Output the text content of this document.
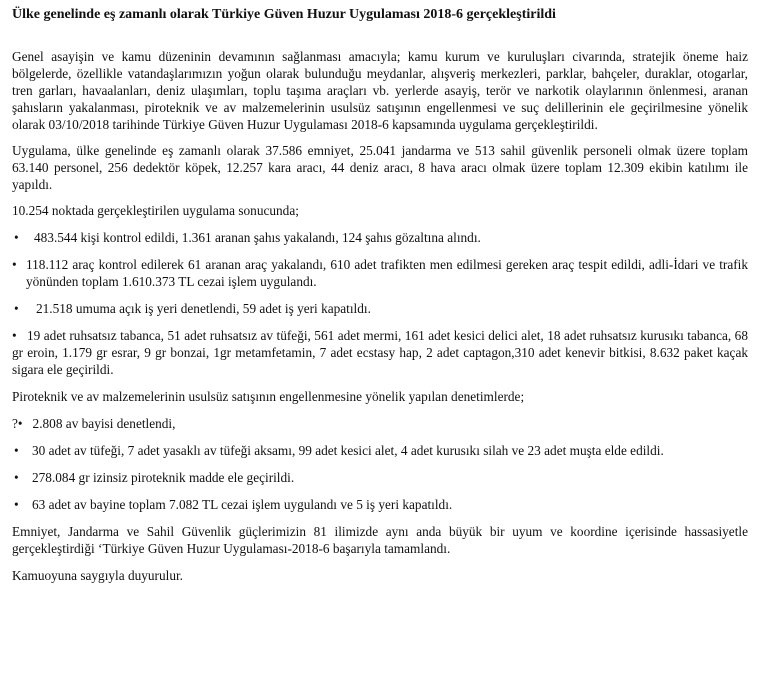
Ülke genelinde eş zamanlı olarak Türkiye Güven Huzur Uygulaması 2018-6 gerçekleştirildi

Genel asayişin ve kamu düzeninin devamının sağlanması amacıyla; kamu kurum ve kuruluşları civarında, stratejik öneme haiz bölgelerde, özellikle vatandaşlarımızın yoğun olarak bulunduğu meydanlar, alışveriş merkezleri, parklar, bahçeler, duraklar, otogarlar, tren garları, havaalanları, deniz ulaşımları, toplu taşıma araçları vb. yerlerde asayiş, terör ve narkotik olaylarının önlenmesi, aranan şahısların yakalanması, piroteknik ve av malzemelerinin usulsüz satışının engellenmesi ve suç delillerinin ele geçirilmesine yönelik olarak 03/10/2018 tarihinde Türkiye Güven Huzur Uygulaması 2018-6 kapsamında uygulama gerçekleştirildi.

Uygulama, ülke genelinde eş zamanlı olarak 37.586 emniyet, 25.041 jandarma ve 513 sahil güvenlik personeli olmak üzere toplam 63.140 personel, 256 dedektör köpek, 12.257 kara aracı, 44 deniz aracı, 8 hava aracı olmak üzere toplam 12.309 ekibin katılımı ile yapıldı.

10.254 noktada gerçekleştirilen uygulama sonucunda;

•	483.544 kişi kontrol edildi, 1.361 aranan şahıs yakalandı, 124 şahıs gözaltına alındı.
• 118.112 araç kontrol edilerek 61 aranan araç yakalandı, 610 adet trafikten men edilmesi gereken araç tespit edildi, adli-İdari ve trafik yönünden toplam 1.610.373 TL cezai işlem uygulandı.
•	21.518 umuma açık iş yeri denetlendi, 59 adet iş yeri kapatıldı.
• 19 adet ruhsatsız tabanca, 51 adet ruhsatsız av tüfeği, 561 adet mermi, 161 adet kesici delici alet, 18 adet ruhsatsız kurusıkı tabanca, 68 gr eroin, 1.179 gr esrar, 9 gr bonzai, 1gr metamfetamin, 7 adet ecstasy hap, 2 adet captagon,310 adet kenevir bitkisi, 8.632 paket kaçak sigara ele geçirildi.

Piroteknik ve av malzemelerinin usulsüz satışının engellenmesine yönelik yapılan denetimlerde;

?• 2.808 av bayisi denetlendi,
• 30 adet av tüfeği, 7 adet yasaklı av tüfeği aksamı, 99 adet kesici alet, 4 adet kurusıkı silah ve 23 adet muşta elde edildi.
• 278.084 gr izinsiz piroteknik madde ele geçirildi.
• 63 adet av bayine toplam 7.082 TL cezai işlem uygulandı ve 5 iş yeri kapatıldı.

Emniyet, Jandarma ve Sahil Güvenlik güçlerimizin 81 ilimizde aynı anda büyük bir uyum ve koordine içerisinde hassasiyetle gerçekleştirdiği ‘Türkiye Güven Huzur Uygulaması-2018-6 başarıyla tamamlandı.

Kamuoyuna saygıyla duyurulur.
